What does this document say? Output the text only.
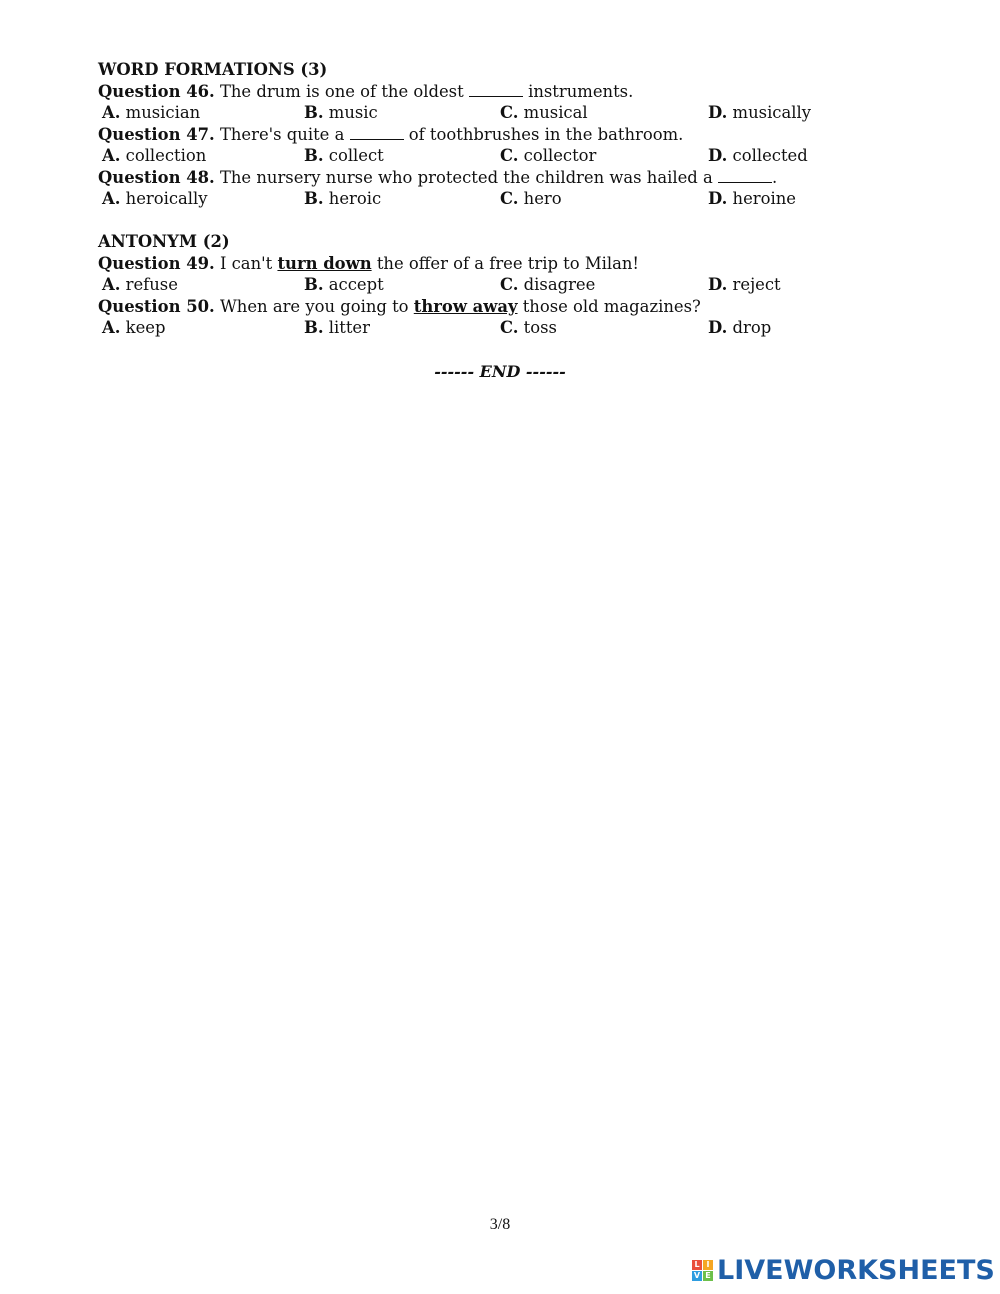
WORD FORMATIONS (3)
Question 46. The drum is one of the oldest	instruments.
A. musician	B. music	C. musical	D. musically
Question 47. There's quite a	of toothbrushes in the bathroom.
A. collection	B. collect	C. collector	D. collected
Question 48. The nursery nurse who protected the children was hailed a	.
A. heroically	B. heroic	C. hero	D. heroine
ANTONYM (2)
Question 49. I can't turn down the offer of a free trip to Milan!
A. refuse	B. accept	C. disagree	D. reject
Question 50. When are you going to throw away those old magazines?
A. keep	B. litter	C. toss	D. drop
------ END ------
3/8
L I
V E LIVEWORKSHEETS
